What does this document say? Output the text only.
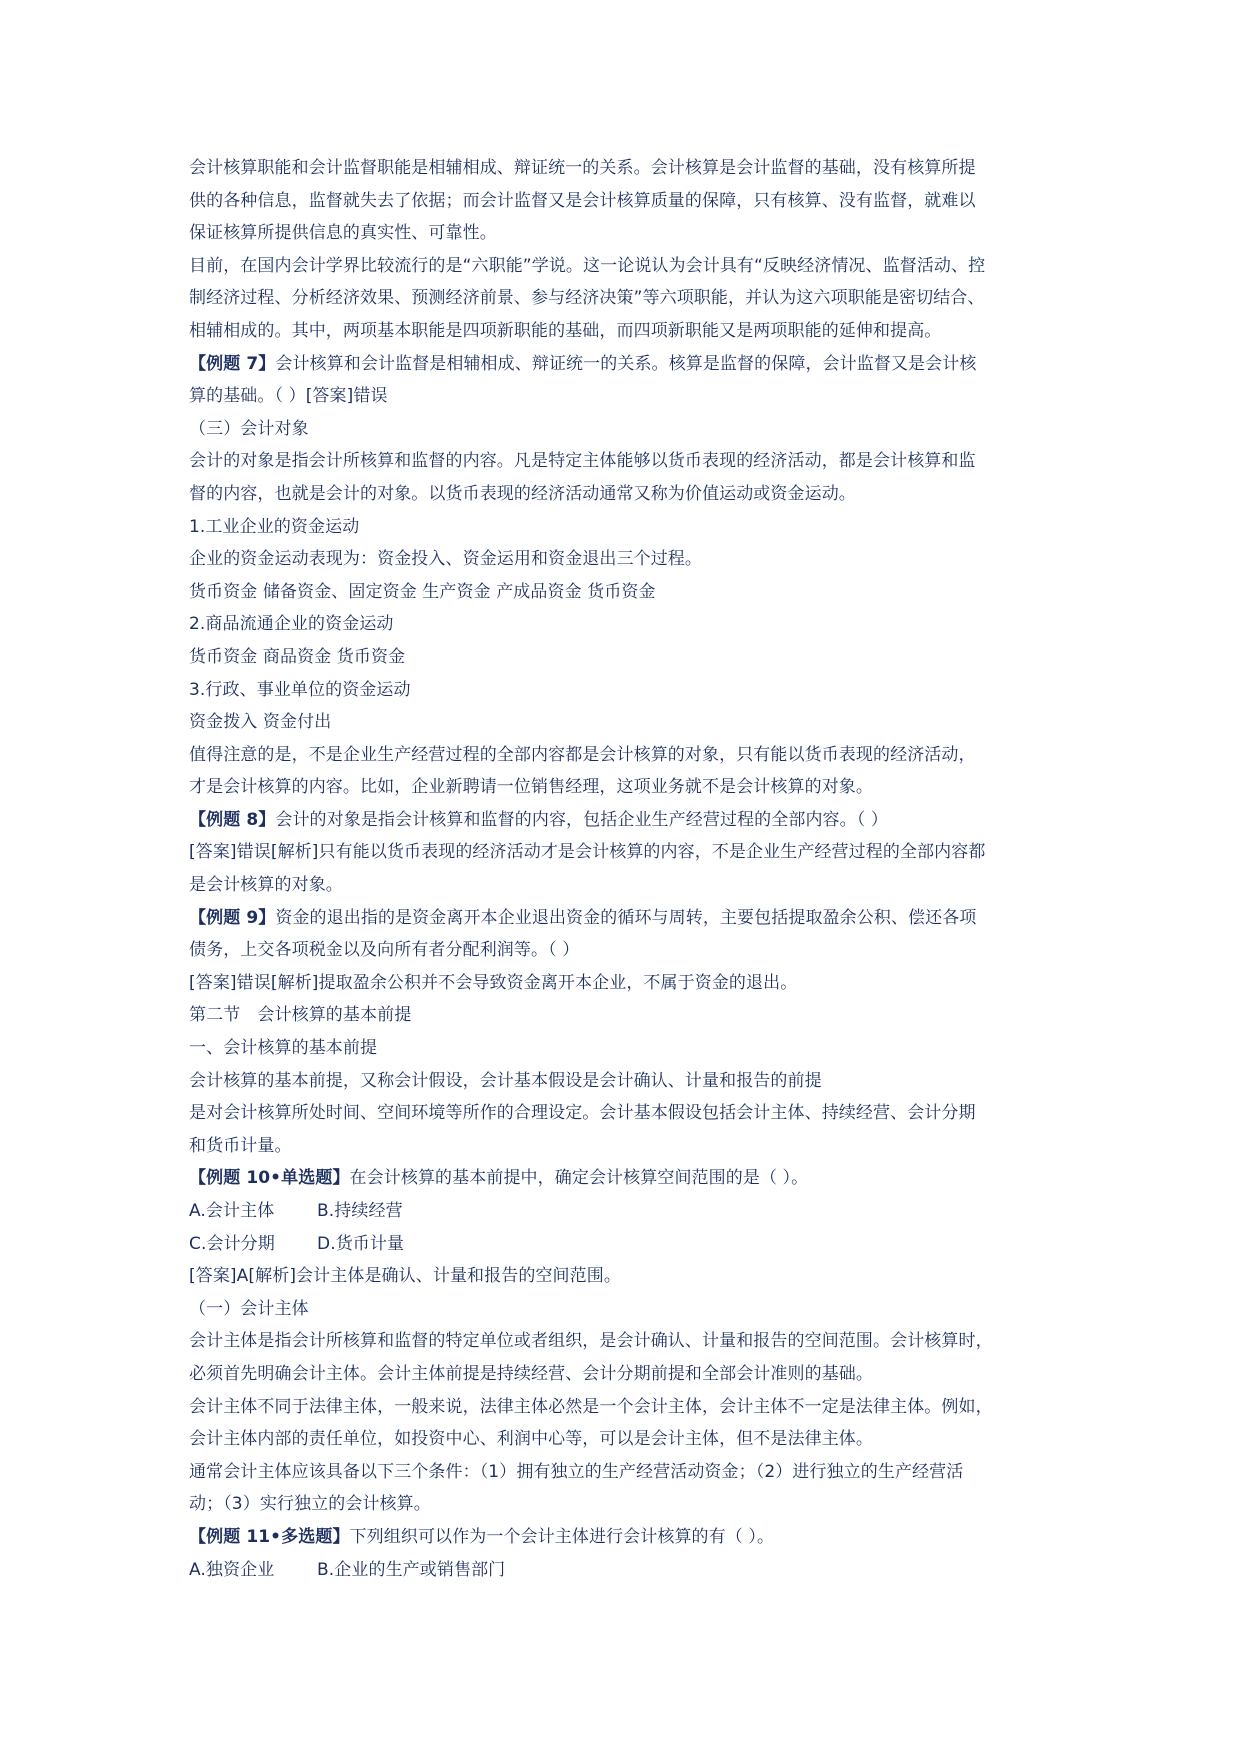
会计核算职能和会计监督职能是相辅相成、辩证统一的关系。会计核算是会计监督的基础，没有核算所提
供的各种信息，监督就失去了依据；而会计监督又是会计核算质量的保障，只有核算、没有监督，就难以
保证核算所提供信息的真实性、可靠性。
目前，在国内会计学界比较流行的是“六职能”学说。这一论说认为会计具有“反映经济情况、监督活动、控
制经济过程、分析经济效果、预测经济前景、参与经济决策”等六项职能，并认为这六项职能是密切结合、
相辅相成的。其中，两项基本职能是四项新职能的基础，而四项新职能又是两项职能的延伸和提高。
【例题 7】会计核算和会计监督是相辅相成、辩证统一的关系。核算是监督的保障，会计监督又是会计核
算的基础。（ ）[答案]错误
（三）会计对象
会计的对象是指会计所核算和监督的内容。凡是特定主体能够以货币表现的经济活动，都是会计核算和监
督的内容，也就是会计的对象。以货币表现的经济活动通常又称为价值运动或资金运动。
1.工业企业的资金运动
企业的资金运动表现为：资金投入、资金运用和资金退出三个过程。
货币资金 储备资金、固定资金 生产资金 产成品资金 货币资金
2.商品流通企业的资金运动
货币资金 商品资金 货币资金
3.行政、事业单位的资金运动
资金拨入 资金付出
值得注意的是，不是企业生产经营过程的全部内容都是会计核算的对象，只有能以货币表现的经济活动，
才是会计核算的内容。比如，企业新聘请一位销售经理，这项业务就不是会计核算的对象。
【例题 8】会计的对象是指会计核算和监督的内容，包括企业生产经营过程的全部内容。（ ）
[答案]错误[解析]只有能以货币表现的经济活动才是会计核算的内容，不是企业生产经营过程的全部内容都
是会计核算的对象。
【例题 9】资金的退出指的是资金离开本企业退出资金的循环与周转，主要包括提取盈余公积、偿还各项
债务，上交各项税金以及向所有者分配利润等。（ ）
[答案]错误[解析]提取盈余公积并不会导致资金离开本企业，不属于资金的退出。
第二节　会计核算的基本前提
一、会计核算的基本前提
会计核算的基本前提，又称会计假设，会计基本假设是会计确认、计量和报告的前提
是对会计核算所处时间、空间环境等所作的合理设定。会计基本假设包括会计主体、持续经营、会计分期
和货币计量。
【例题 10•单选题】在会计核算的基本前提中，确定会计核算空间范围的是（ ）。
A.会计主体	B.持续经营
C.会计分期 D.货币计量
[答案]A[解析]会计主体是确认、计量和报告的空间范围。
（一）会计主体
会计主体是指会计所核算和监督的特定单位或者组织，是会计确认、计量和报告的空间范围。会计核算时，
必须首先明确会计主体。会计主体前提是持续经营、会计分期前提和全部会计准则的基础。
会计主体不同于法律主体，一般来说，法律主体必然是一个会计主体，会计主体不一定是法律主体。例如，
会计主体内部的责任单位，如投资中心、利润中心等，可以是会计主体，但不是法律主体。
通常会计主体应该具备以下三个条件：（1）拥有独立的生产经营活动资金；（2）进行独立的生产经营活
动；（3）实行独立的会计核算。
【例题 11•多选题】下列组织可以作为一个会计主体进行会计核算的有（ ）。
A.独资企业	B.企业的生产或销售部门
